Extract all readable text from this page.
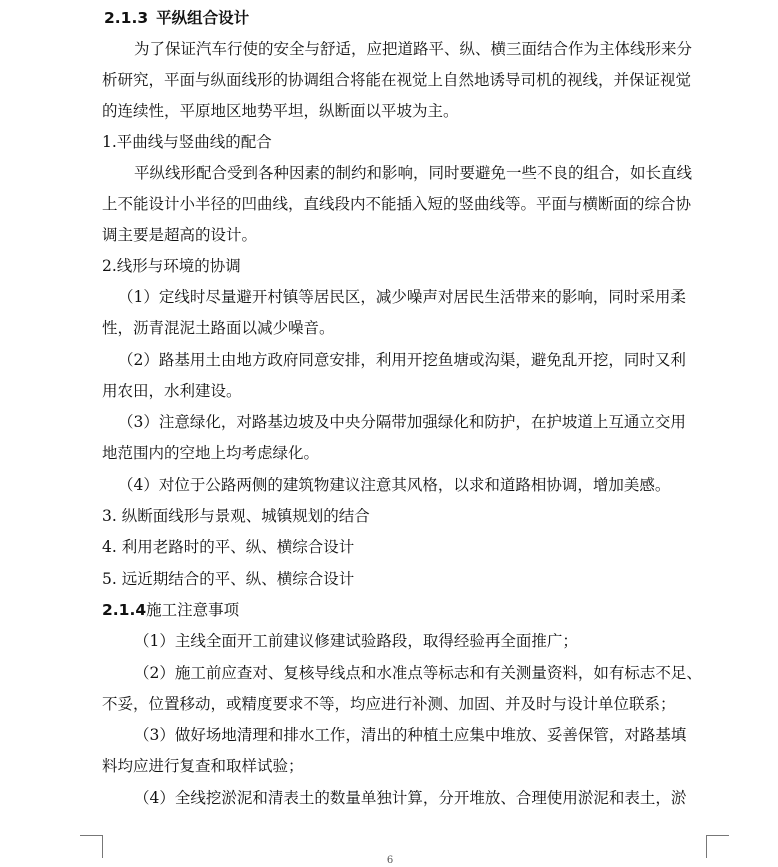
2.1.3 平纵组合设计
为了保证汽车行使的安全与舒适，应把道路平、纵、横三面结合作为主体线形来分
析研究，平面与纵面线形的协调组合将能在视觉上自然地诱导司机的视线，并保证视觉
的连续性，平原地区地势平坦，纵断面以平坡为主。
1.平曲线与竖曲线的配合
平纵线形配合受到各种因素的制约和影响，同时要避免一些不良的组合，如长直线
上不能设计小半径的凹曲线，直线段内不能插入短的竖曲线等。平面与横断面的综合协
调主要是超高的设计。
2.线形与环境的协调
（1）定线时尽量避开村镇等居民区，减少噪声对居民生活带来的影响，同时采用柔
性，沥青混泥土路面以减少噪音。
（2）路基用土由地方政府同意安排，利用开挖鱼塘或沟渠，避免乱开挖，同时又利
用农田，水利建设。
（3）注意绿化，对路基边坡及中央分隔带加强绿化和防护，在护坡道上互通立交用
地范围内的空地上均考虑绿化。
（4）对位于公路两侧的建筑物建议注意其风格，以求和道路相协调，增加美感。
3. 纵断面线形与景观、城镇规划的结合
4. 利用老路时的平、纵、横综合设计
5. 远近期结合的平、纵、横综合设计
2.1.4施工注意事项
（1）主线全面开工前建议修建试验路段，取得经验再全面推广；
（2）施工前应查对、复核导线点和水准点等标志和有关测量资料，如有标志不足、
不妥，位置移动，或精度要求不等，均应进行补测、加固、并及时与设计单位联系；
（3）做好场地清理和排水工作，清出的种植土应集中堆放、妥善保管，对路基填
料均应进行复查和取样试验；
（4）全线挖淤泥和清表土的数量单独计算，分开堆放、合理使用淤泥和表土，淤
6
